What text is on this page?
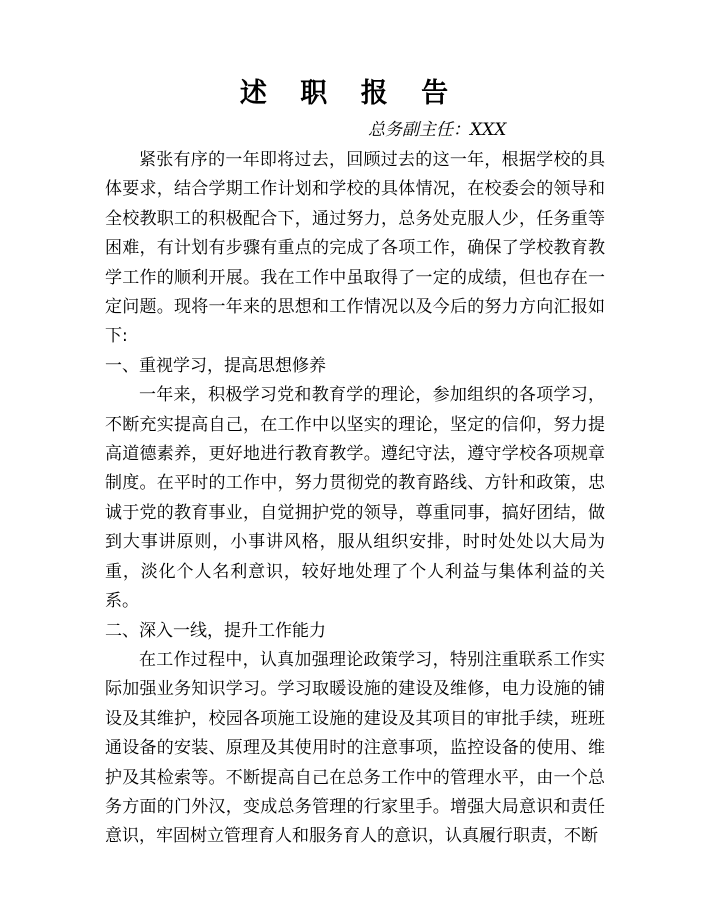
述 职 报 告
总务副主任：XXX

紧张有序的一年即将过去，回顾过去的这一年，根据学校的具体要求，结合学期工作计划和学校的具体情况，在校委会的领导和全校教职工的积极配合下，通过努力，总务处克服人少，任务重等困难，有计划有步骤有重点的完成了各项工作，确保了学校教育教学工作的顺利开展。我在工作中虽取得了一定的成绩，但也存在一定问题。现将一年来的思想和工作情况以及今后的努力方向汇报如下:

一、重视学习，提高思想修养

一年来，积极学习党和教育学的理论，参加组织的各项学习，不断充实提高自己，在工作中以坚实的理论，坚定的信仰，努力提高道德素养，更好地进行教育教学。遵纪守法，遵守学校各项规章制度。在平时的工作中，努力贯彻党的教育路线、方针和政策，忠诚于党的教育事业，自觉拥护党的领导，尊重同事，搞好团结，做到大事讲原则，小事讲风格，服从组织安排，时时处处以大局为重，淡化个人名利意识，较好地处理了个人利益与集体利益的关系。

二、深入一线，提升工作能力

在工作过程中，认真加强理论政策学习，特别注重联系工作实际加强业务知识学习。学习取暖设施的建设及维修，电力设施的铺设及其维护，校园各项施工设施的建设及其项目的审批手续，班班通设备的安装、原理及其使用时的注意事项，监控设备的使用、维护及其检索等。不断提高自己在总务工作中的管理水平，由一个总务方面的门外汉，变成总务管理的行家里手。增强大局意识和责任意识，牢固树立管理育人和服务育人的意识，认真履行职责，不断
